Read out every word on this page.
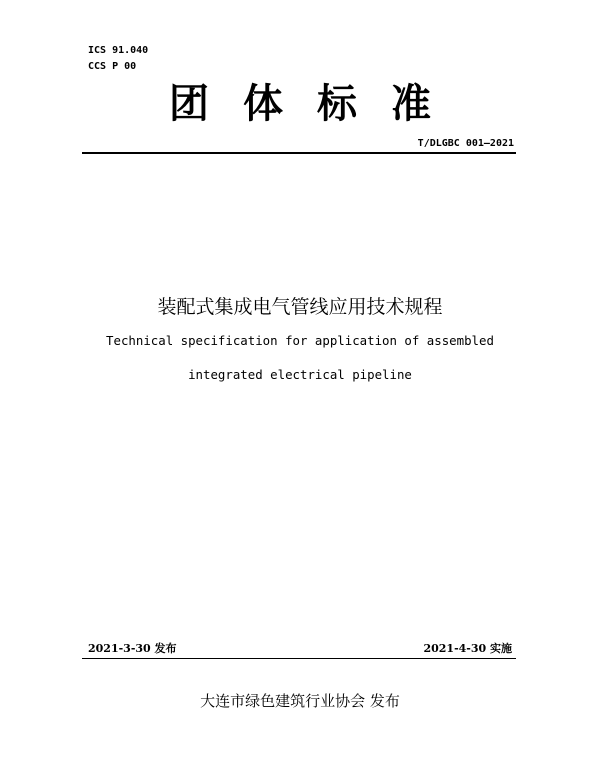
ICS 91.040
CCS P 00
团体标准
T/DLGBC 001—2021
装配式集成电气管线应用技术规程
Technical specification for application of assembled
integrated electrical pipeline
2021-3-30 发布	2021-4-30 实施
大连市绿色建筑行业协会 发布
